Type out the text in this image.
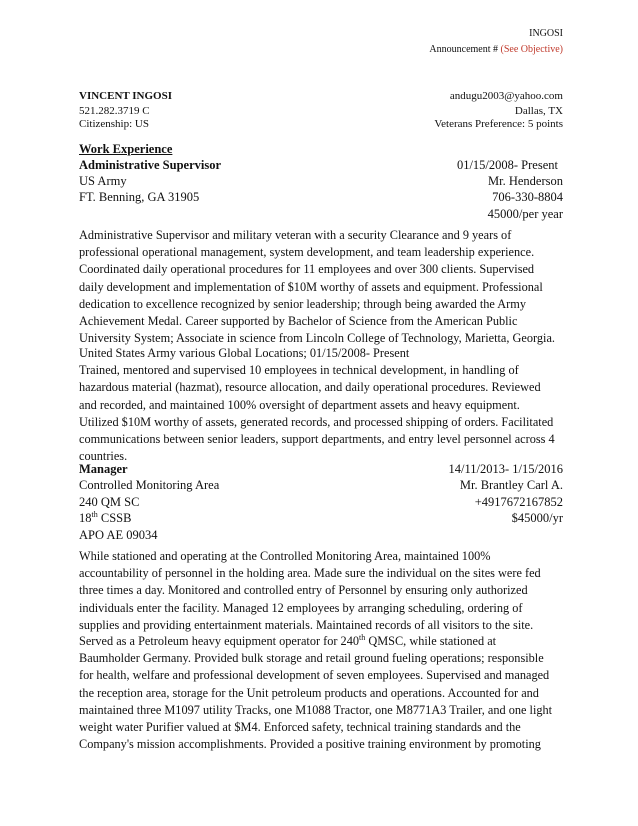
INGOSI
Announcement # (See Objective)
VINCENT INGOSI	andugu2003@yahoo.com
521.282.3719 C	Dallas, TX
Citizenship: US	Veterans Preference: 5 points
Work Experience
Administrative Supervisor	01/15/2008- Present
US Army	Mr. Henderson
FT. Benning, GA 31905	706-330-8804
45000/per year

Administrative Supervisor and military veteran with a security Clearance and 9 years of

professional operational management, system development, and team leadership experience.

Coordinated daily operational procedures for 11 employees and over 300 clients. Supervised

daily development and implementation of $10M worthy of assets and equipment. Professional

dedication to excellence recognized by senior leadership; through being awarded the Army

Achievement Medal. Career supported by Bachelor of Science from the American Public

University System; Associate in science from Lincoln College of Technology, Marietta, Georgia.

United States Army various Global Locations; 01/15/2008- Present

Trained, mentored and supervised 10 employees in technical development, in handling of

hazardous material (hazmat), resource allocation, and daily operational procedures. Reviewed

and recorded, and maintained 100% oversight of department assets and heavy equipment.

Utilized $10M worthy of assets, generated records, and processed shipping of orders. Facilitated

communications between senior leaders, support departments, and entry level personnel across 4

countries.

Manager	14/11/2013- 1/15/2016
Controlled Monitoring Area	Mr. Brantley Carl A.
240 QM SC	+4917672167852
18th CSSB	$45000/yr
APO AE 09034

While stationed and operating at the Controlled Monitoring Area, maintained 100%

accountability of personnel in the holding area. Made sure the individual on the sites were fed

three times a day. Monitored and controlled entry of Personnel by ensuring only authorized

individuals enter the facility. Managed 12 employees by arranging scheduling, ordering of

supplies and providing entertainment materials. Maintained records of all visitors to the site.

Served as a Petroleum heavy equipment operator for 240th QMSC, while stationed at

Baumholder Germany. Provided bulk storage and retail ground fueling operations; responsible

for health, welfare and professional development of seven employees. Supervised and managed

the reception area, storage for the Unit petroleum products and operations. Accounted for and

maintained three M1097 utility Tracks, one M1088 Tractor, one M8771A3 Trailer, and one light

weight water Purifier valued at $M4. Enforced safety, technical training standards and the

Company's mission accomplishments. Provided a positive training environment by promoting
